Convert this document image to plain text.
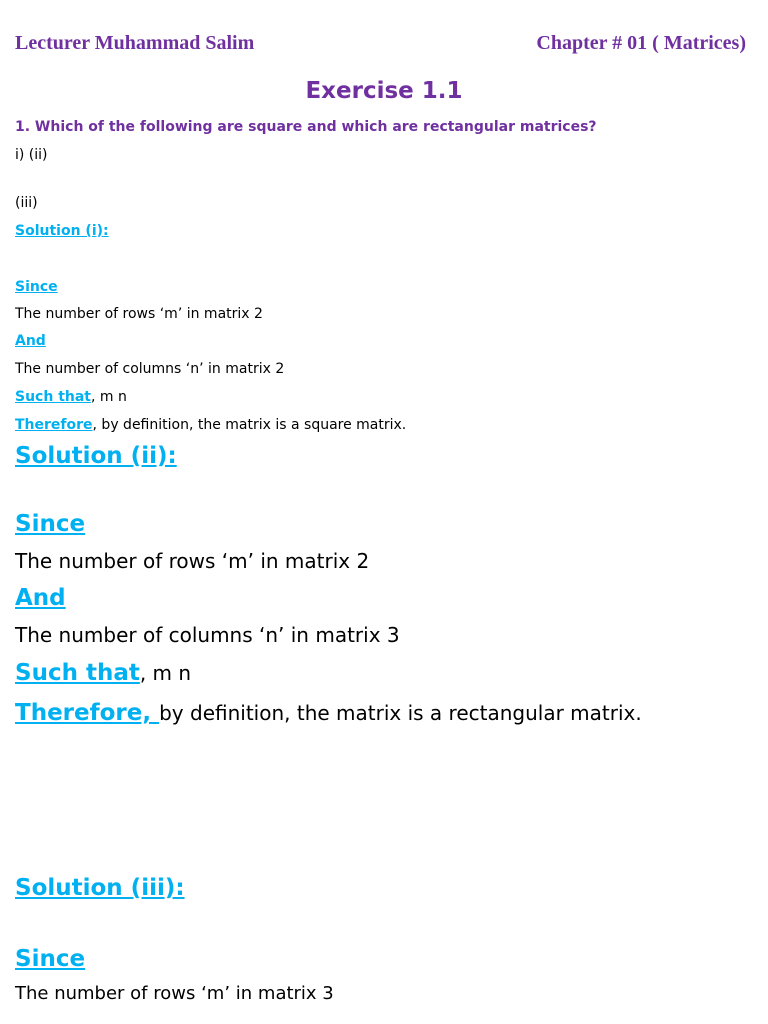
Lecturer Muhammad Salim	Chapter # 01 ( Matrices)
Exercise 1.1
1. Which of the following are square and which are rectangular matrices?
i) (ii)
(iii)
Solution (i):
Since
The number of rows ‘m’ in matrix 2
And
The number of columns ‘n’ in matrix 2
Such that, m n
Therefore, by definition, the matrix is a square matrix.
Solution (ii):
Since
The number of rows ‘m’ in matrix 2
And
The number of columns ‘n’ in matrix 3
Such that, m n
Therefore, by definition, the matrix is a rectangular matrix.
Solution (iii):
Since
The number of rows ‘m’ in matrix 3
